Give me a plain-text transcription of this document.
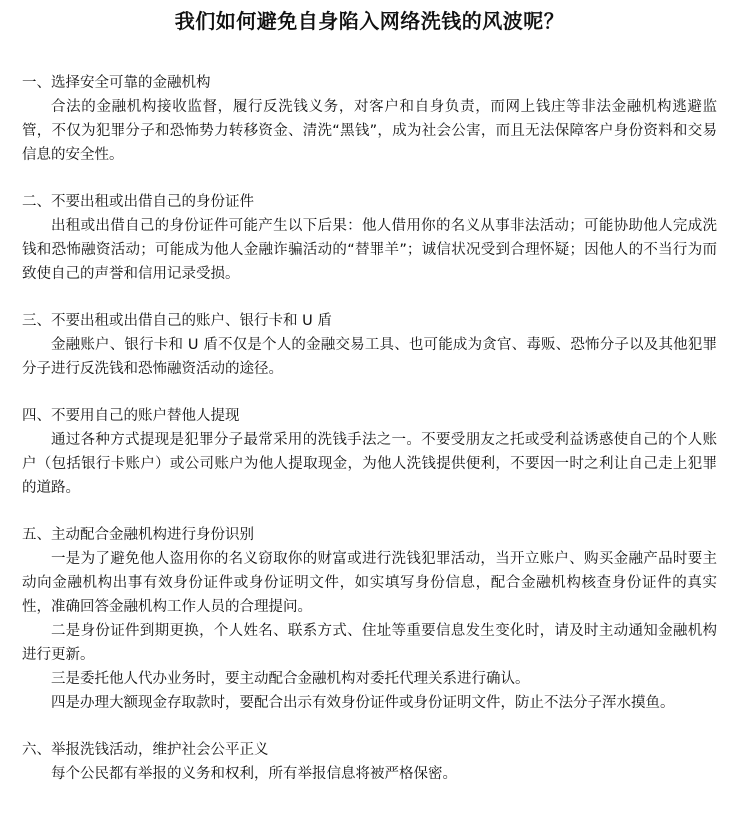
我们如何避免自身陷入网络洗钱的风波呢？

一、选择安全可靠的金融机构

合法的金融机构接收监督，履行反洗钱义务，对客户和自身负责，而网上钱庄等非法金融机构逃避监管，不仅为犯罪分子和恐怖势力转移资金、清洗“黑钱”，成为社会公害，而且无法保障客户身份资料和交易信息的安全性。

二、不要出租或出借自己的身份证件

出租或出借自己的身份证件可能产生以下后果：他人借用你的名义从事非法活动；可能协助他人完成洗钱和恐怖融资活动；可能成为他人金融诈骗活动的“替罪羊”；诚信状况受到合理怀疑；因他人的不当行为而致使自己的声誉和信用记录受损。

三、不要出租或出借自己的账户、银行卡和 U 盾

金融账户、银行卡和 U 盾不仅是个人的金融交易工具、也可能成为贪官、毒贩、恐怖分子以及其他犯罪分子进行反洗钱和恐怖融资活动的途径。

四、不要用自己的账户替他人提现

通过各种方式提现是犯罪分子最常采用的洗钱手法之一。不要受朋友之托或受利益诱惑使自己的个人账户（包括银行卡账户）或公司账户为他人提取现金，为他人洗钱提供便利，不要因一时之利让自己走上犯罪的道路。

五、主动配合金融机构进行身份识别

一是为了避免他人盗用你的名义窃取你的财富或进行洗钱犯罪活动，当开立账户、购买金融产品时要主动向金融机构出事有效身份证件或身份证明文件，如实填写身份信息，配合金融机构核查身份证件的真实性，准确回答金融机构工作人员的合理提问。

二是身份证件到期更换，个人姓名、联系方式、住址等重要信息发生变化时，请及时主动通知金融机构进行更新。

三是委托他人代办业务时，要主动配合金融机构对委托代理关系进行确认。

四是办理大额现金存取款时，要配合出示有效身份证件或身份证明文件，防止不法分子浑水摸鱼。

六、举报洗钱活动，维护社会公平正义

每个公民都有举报的义务和权利，所有举报信息将被严格保密。
